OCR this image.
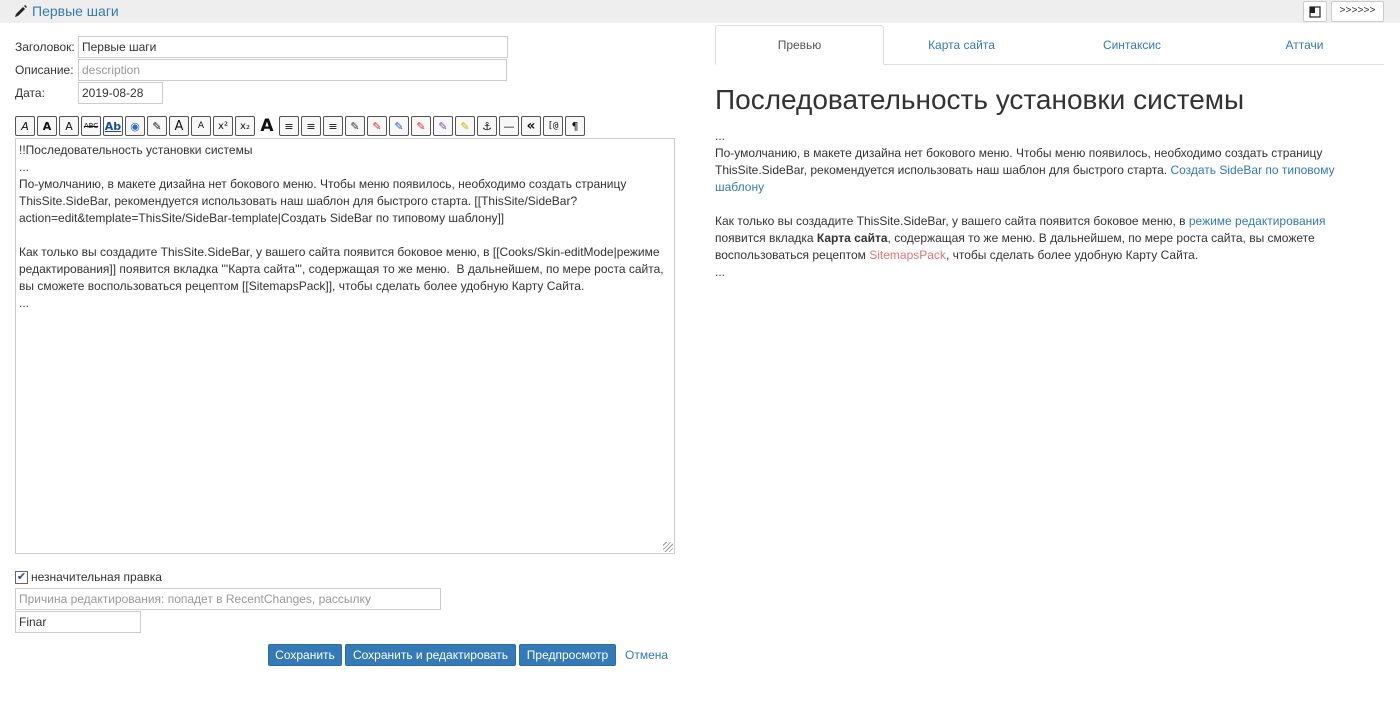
Первые шаги	>>>>>>
Заголовок: Первые шаги
Описание: description
Дата:	2019-08-28
A	A	A	ABC Ab ◉	✎ A	A	x²	x₂ A ≡	≡	≡	✎	✎	✎	✎	✎	✎	⚓	— «	[@	¶
!!Последовательность установки системы
...
По-умолчанию, в макете дизайна нет бокового меню. Чтобы меню появилось, необходимо создать страницу ThisSite.SideBar, рекомендуется использовать наш шаблон для быстрого старта. [[ThisSite/SideBar?action=edit&template=ThisSite/SideBar-template|Создать SideBar по типовому шаблону]]

Как только вы создадите ThisSite.SideBar, у вашего сайта появится боковое меню, в [[Cooks/Skin-editMode|режиме редактирования]] появится вкладка '''Карта сайта''', содержащая то же меню.  В дальнейшем, по мере роста сайта, вы сможете воспользоваться рецептом [[SitemapsPack]], чтобы сделать более удобную Карту Сайта.
...
✔ незначительная правка
Причина редактирования: попадет в RecentChanges, рассылку
Finar
Сохранить	Сохранить и редактировать	Предпросмотр	Отмена
Превью	Карта сайта	Синтаксис	Аттачи
Последовательность установки системы

...

По-умолчанию, в макете дизайна нет бокового меню. Чтобы меню появилось, необходимо создать страницу ThisSite.SideBar, рекомендуется использовать наш шаблон для быстрого старта. Создать SideBar по типовому шаблону

Как только вы создадите ThisSite.SideBar, у вашего сайта появится боковое меню, в режиме редактирования появится вкладка Карта сайта, содержащая то же меню. В дальнейшем, по мере роста сайта, вы сможете воспользоваться рецептом SitemapsPack, чтобы сделать более удобную Карту Сайта.

...
